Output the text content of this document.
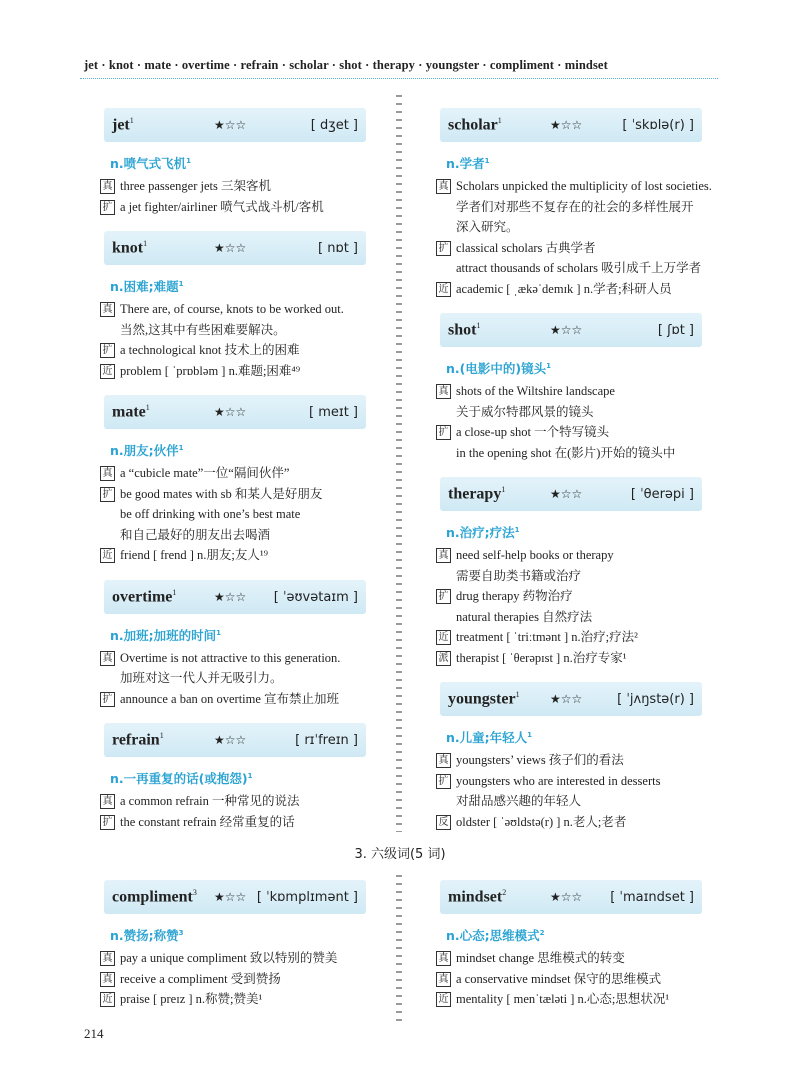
jet · knot · mate · overtime · refrain · scholar · shot · therapy · youngster · compliment · mindset
jet$^1$	★☆☆	[ dʒet ]
n.喷气式飞机$^1$
真 three passenger jets 三架客机
扩 a jet fighter/airliner 喷气式战斗机/客机
knot$^1$	★☆☆	[ nɒt ]
n.困难;难题$^1$
真 There are, of course, knots to be worked out.
当然,这其中有些困难要解决。
扩 a technological knot 技术上的困难
近 problem [ ˈprɒbləm ] n.难题;困难⁴⁹
mate$^1$	★☆☆	[ meɪt ]
n.朋友;伙伴$^1$
真 a “cubicle mate”一位“隔间伙伴”
扩 be good mates with sb 和某人是好朋友
be off drinking with one’s best mate
和自己最好的朋友出去喝酒
近 friend [ frend ] n.朋友;友人¹⁹
overtime$^1$	★☆☆ [ ˈəʊvətaɪm ]
n.加班;加班的时间$^1$
真 Overtime is not attractive to this generation.
加班对这一代人并无吸引力。
扩 announce a ban on overtime 宣布禁止加班
refrain$^1$	★☆☆	[ rɪˈfreɪn ]
n.一再重复的话(或抱怨)$^1$
真 a common refrain 一种常见的说法
扩 the constant refrain 经常重复的话
scholar$^1$	★☆☆	[ ˈskɒlə(r) ]
n.学者$^1$
真 Scholars unpicked the multiplicity of lost societies.
学者们对那些不复存在的社会的多样性展开
深入研究。
扩 classical scholars 古典学者
attract thousands of scholars 吸引成千上万学者
近 academic [ ˌækəˈdemɪk ] n.学者;科研人员
shot$^1$	★☆☆	[ ʃɒt ]
n.(电影中的)镜头$^1$
真 shots of the Wiltshire landscape
关于威尔特郡风景的镜头
扩 a close-up shot 一个特写镜头
in the opening shot 在(影片)开始的镜头中
therapy$^1$	★☆☆	[ ˈθerəpi ]
n.治疗;疗法$^1$
真 need self-help books or therapy
需要自助类书籍或治疗
扩 drug therapy 药物治疗
natural therapies 自然疗法
近 treatment [ ˈtriːtmənt ] n.治疗;疗法²
派 therapist [ ˈθerəpɪst ] n.治疗专家¹
youngster$^1$	★☆☆	[ ˈjʌŋstə(r) ]
n.儿童;年轻人$^1$
真 youngsters’ views 孩子们的看法
扩 youngsters who are interested in desserts
对甜品感兴趣的年轻人
反 oldster [ ˈəʊldstə(r) ] n.老人;老者
3. 六级词(5 词)
compliment$^3$ ★☆☆ [ ˈkɒmplɪmənt ]
n.赞扬;称赞$^3$
真 pay a unique compliment 致以特别的赞美
真 receive a compliment 受到赞扬
近 praise [ preɪz ] n.称赞;赞美¹
mindset$^2$	★☆☆ [ ˈmaɪndset ]
n.心态;思维模式$^2$
真 mindset change 思维模式的转变
真 a conservative mindset 保守的思维模式
近 mentality [ menˈtæləti ] n.心态;思想状况¹
214
